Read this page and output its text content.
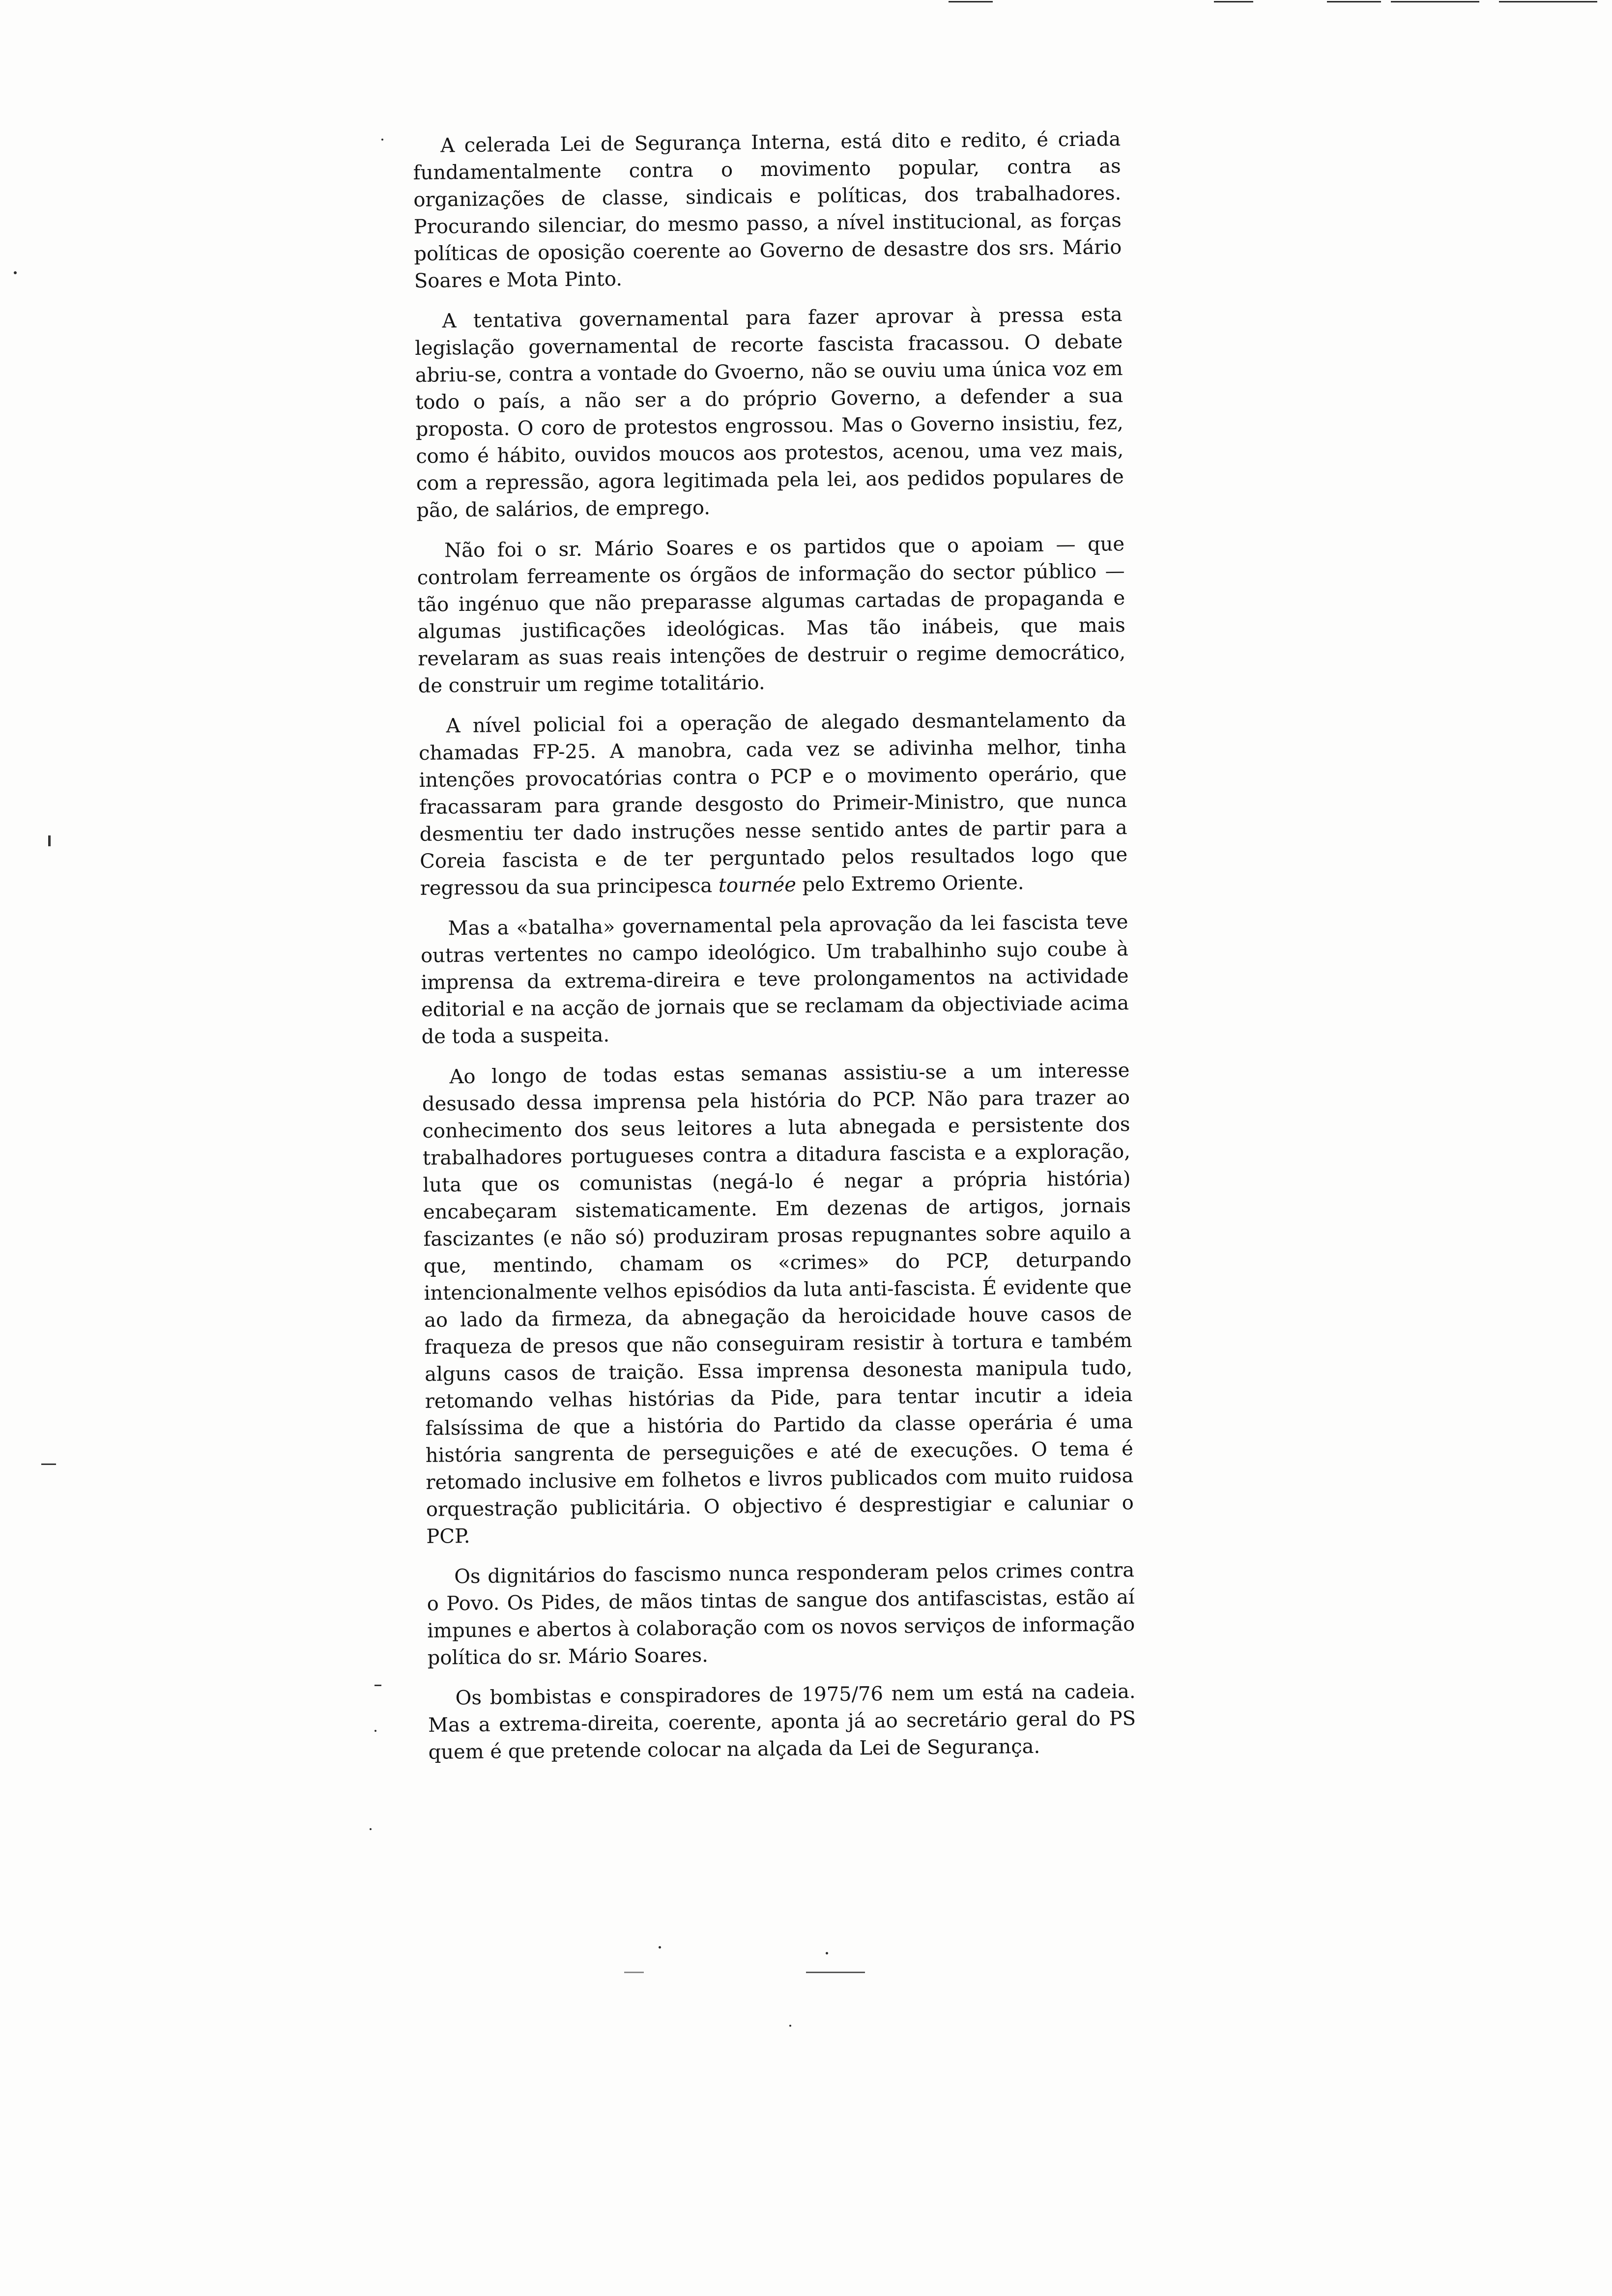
A celerada Lei de Segurança Interna, está dito e redito, é criada fundamentalmente contra o movimento popular, contra as organizações de classe, sindicais e políticas, dos trabalhadores. Procurando silenciar, do mesmo passo, a nível institucional, as forças políticas de oposição coerente ao Governo de desastre dos srs. Mário Soares e Mota Pinto.

A tentativa governamental para fazer aprovar à pressa esta legislação governamental de recorte fascista fracassou. O debate abriu-se, contra a vontade do Gvoerno, não se ouviu uma única voz em todo o país, a não ser a do próprio Governo, a defender a sua proposta. O coro de protestos engrossou. Mas o Governo insistiu, fez, como é hábito, ouvidos moucos aos protestos, acenou, uma vez mais, com a repressão, agora legitimada pela lei, aos pedidos populares de pão, de salários, de emprego.

Não foi o sr. Mário Soares e os partidos que o apoiam — que controlam ferreamente os órgãos de informação do sector público — tão ingénuo que não preparasse algumas cartadas de propaganda e algumas justificações ideológicas. Mas tão inábeis, que mais revelaram as suas reais intenções de destruir o regime democrático, de construir um regime totalitário.

A nível policial foi a operação de alegado desmantelamento da chamadas FP-25. A manobra, cada vez se adivinha melhor, tinha intenções provocatórias contra o PCP e o movimento operário, que fracassaram para grande desgosto do Primeir-Ministro, que nunca desmentiu ter dado instruções nesse sentido antes de partir para a Coreia fascista e de ter perguntado pelos resultados logo que regressou da sua principesca tournée pelo Extremo Oriente.

Mas a «batalha» governamental pela aprovação da lei fascista teve outras vertentes no campo ideológico. Um trabalhinho sujo coube à imprensa da extrema-direira e teve prolongamentos na actividade editorial e na acção de jornais que se reclamam da objectiviade acima de toda a suspeita.

Ao longo de todas estas semanas assistiu-se a um interesse desusado dessa imprensa pela história do PCP. Não para trazer ao conhecimento dos seus leitores a luta abnegada e persistente dos trabalhadores portugueses contra a ditadura fascista e a exploração, luta que os comunistas (negá-lo é negar a própria história) encabeçaram sistematicamente. Em dezenas de artigos, jornais fascizantes (e não só) produziram prosas repugnantes sobre aquilo a que, mentindo, chamam os «crimes» do PCP, deturpando intencionalmente velhos episódios da luta anti-fascista. É evidente que ao lado da firmeza, da abnegação da heroicidade houve casos de fraqueza de presos que não conseguiram resistir à tortura e também alguns casos de traição. Essa imprensa desonesta manipula tudo, retomando velhas histórias da Pide, para tentar incutir a ideia falsíssima de que a história do Partido da classe operária é uma história sangrenta de perseguições e até de execuções. O tema é retomado inclusive em folhetos e livros publicados com muito ruidosa orquestração publicitária. O objectivo é desprestigiar e caluniar o PCP.

Os dignitários do fascismo nunca responderam pelos crimes contra o Povo. Os Pides, de mãos tintas de sangue dos antifascistas, estão aí impunes e abertos à colaboração com os novos serviços de informação política do sr. Mário Soares.

Os bombistas e conspiradores de 1975/76 nem um está na cadeia. Mas a extrema-direita, coerente, aponta já ao secretário geral do PS quem é que pretende colocar na alçada da Lei de Segurança.
